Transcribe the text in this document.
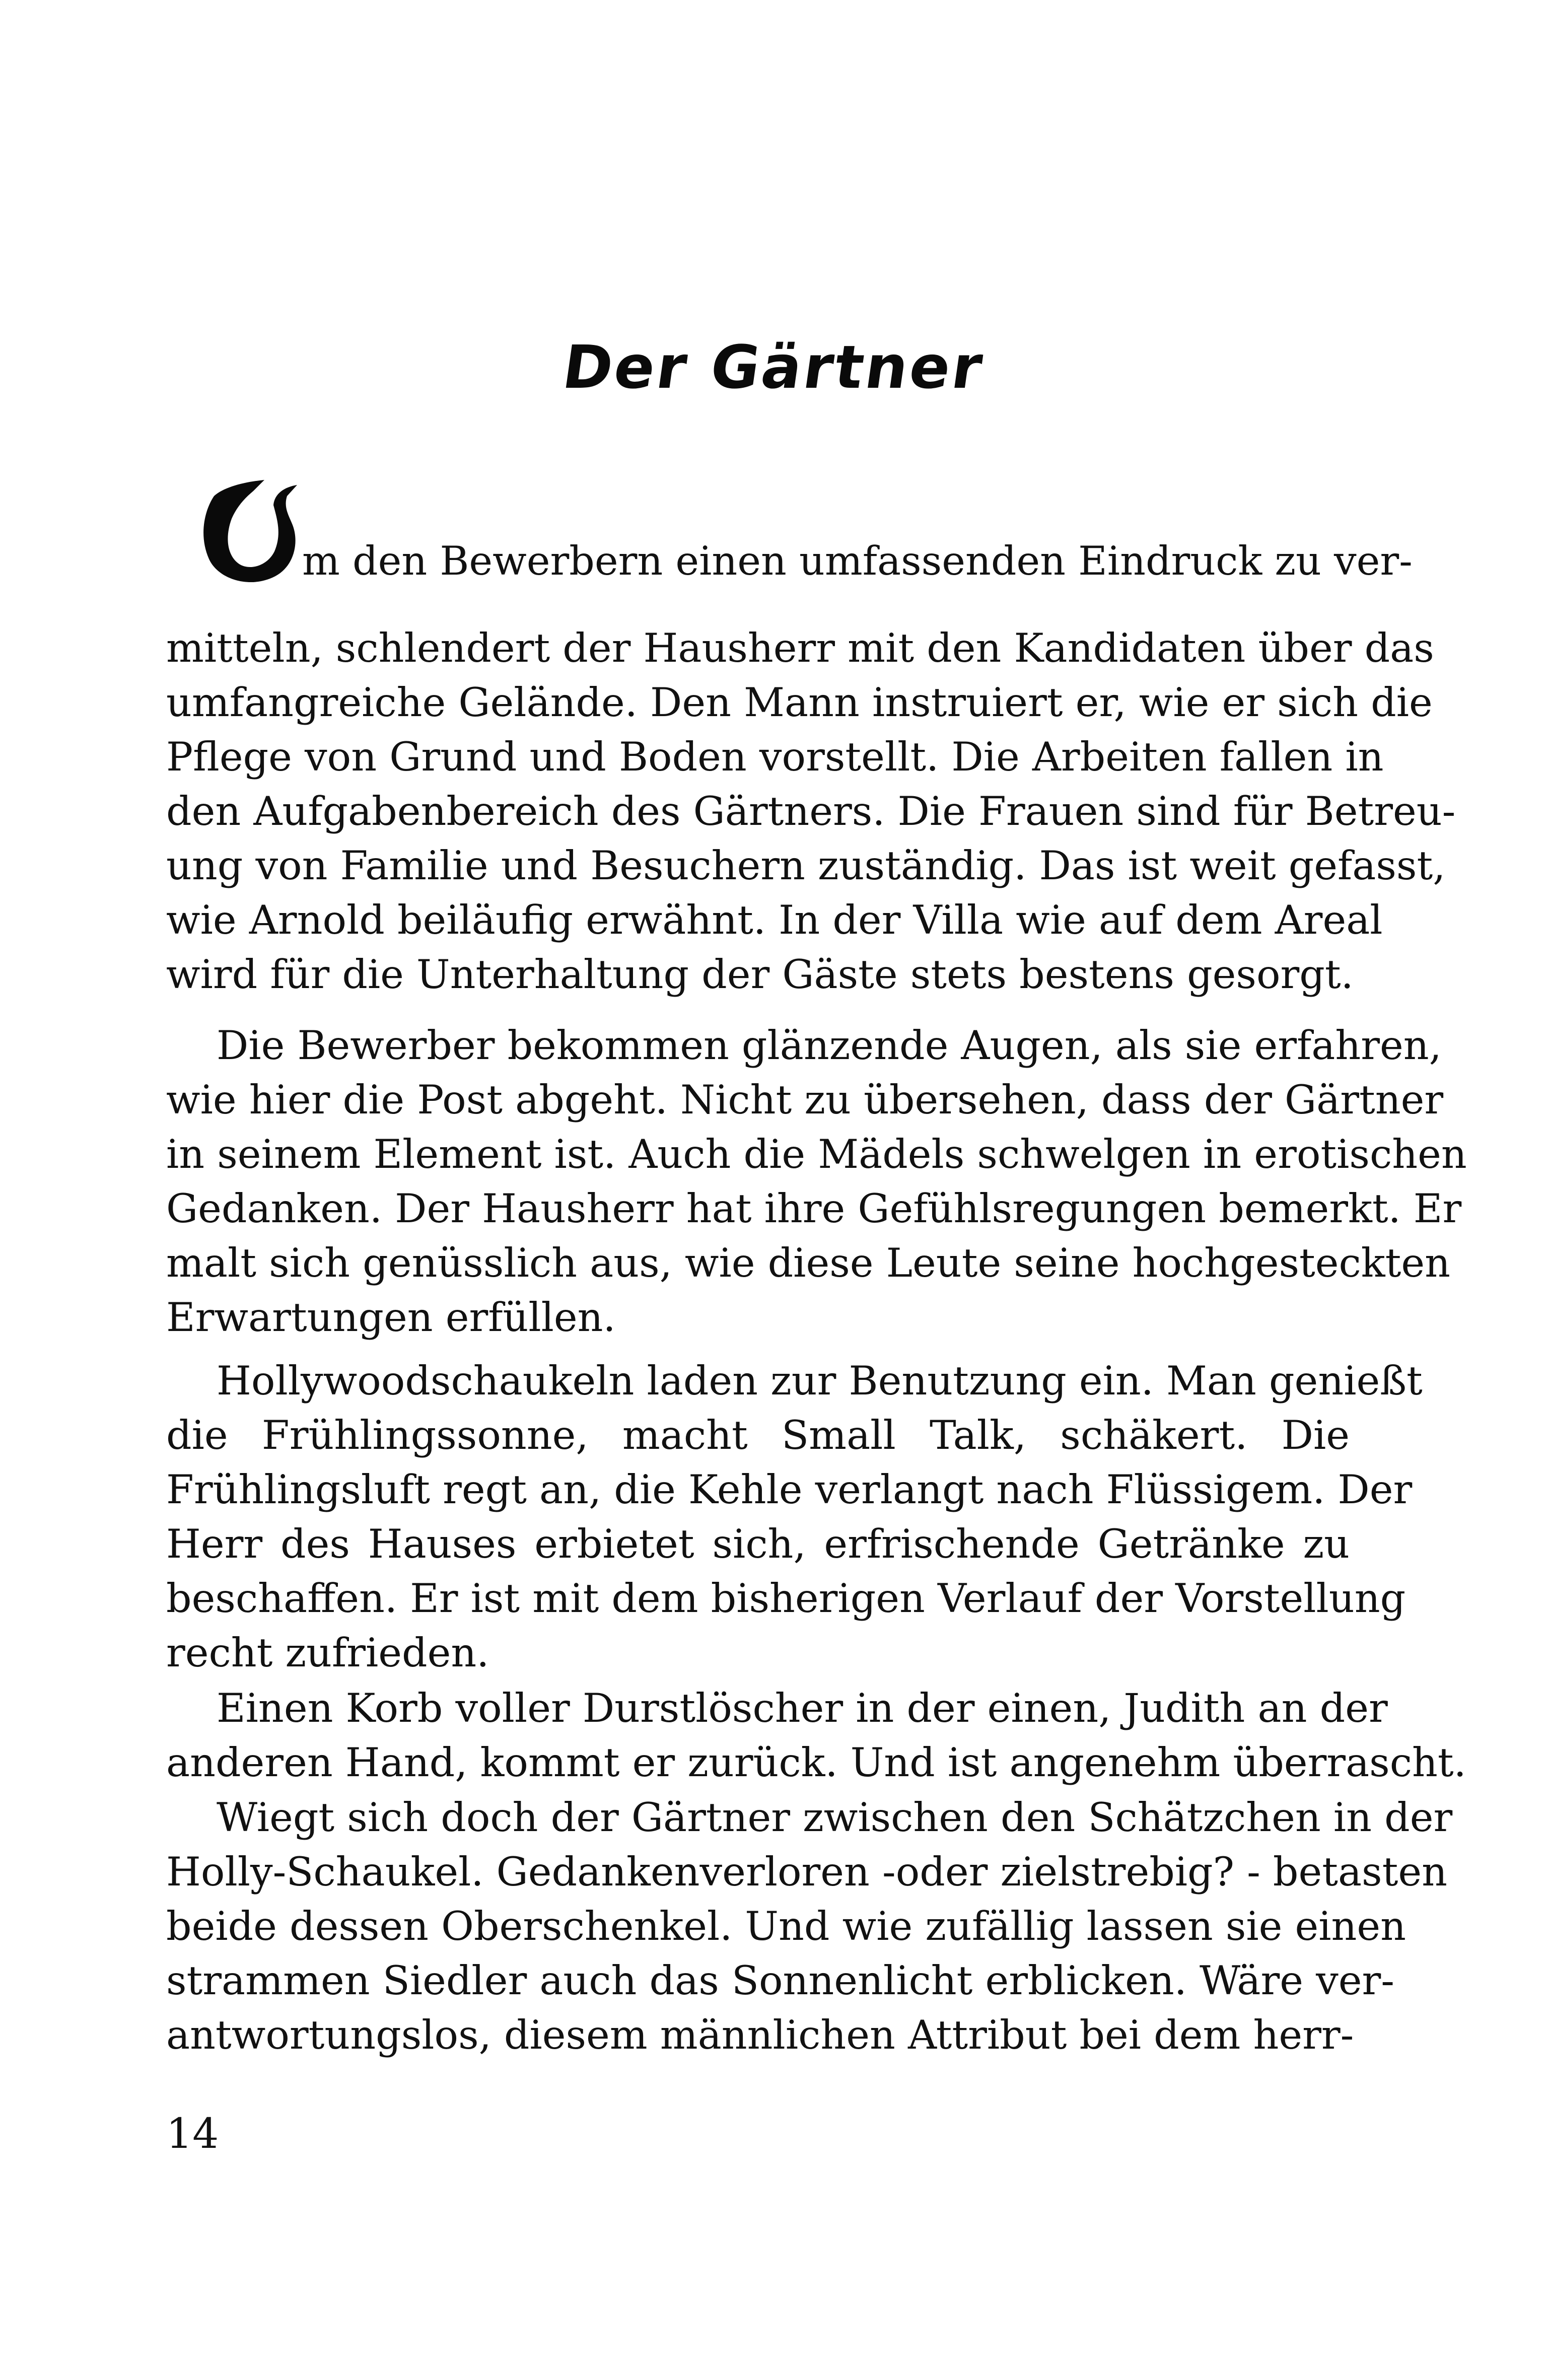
Der Gärtner
m den Bewerbern einen umfassenden Eindruck zu ver-
mitteln, schlendert der Hausherr mit den Kandidaten über das
umfangreiche Gelände. Den Mann instruiert er, wie er sich die
Pflege von Grund und Boden vorstellt. Die Arbeiten fallen in
den Aufgabenbereich des Gärtners. Die Frauen sind für Betreu-
ung von Familie und Besuchern zuständig. Das ist weit gefasst,
wie Arnold beiläufig erwähnt. In der Villa wie auf dem Areal
wird für die Unterhaltung der Gäste stets bestens gesorgt.
Die Bewerber bekommen glänzende Augen, als sie erfahren,
wie hier die Post abgeht. Nicht zu übersehen, dass der Gärtner
in seinem Element ist. Auch die Mädels schwelgen in erotischen
Gedanken. Der Hausherr hat ihre Gefühlsregungen bemerkt. Er
malt sich genüsslich aus, wie diese Leute seine hochgesteckten
Erwartungen erfüllen.
Hollywoodschaukeln laden zur Benutzung ein. Man genießt
die Frühlingssonne, macht Small Talk, schäkert. Die
Frühlingsluft regt an, die Kehle verlangt nach Flüssigem. Der
Herr des Hauses erbietet sich, erfrischende Getränke zu
beschaffen. Er ist mit dem bisherigen Verlauf der Vorstellung
recht zufrieden.
Einen Korb voller Durstlöscher in der einen, Judith an der
anderen Hand, kommt er zurück. Und ist angenehm überrascht.
Wiegt sich doch der Gärtner zwischen den Schätzchen in der
Holly-Schaukel. Gedankenverloren -oder zielstrebig? - betasten
beide dessen Oberschenkel. Und wie zufällig lassen sie einen
strammen Siedler auch das Sonnenlicht erblicken. Wäre ver-
antwortungslos, diesem männlichen Attribut bei dem herr-
14
